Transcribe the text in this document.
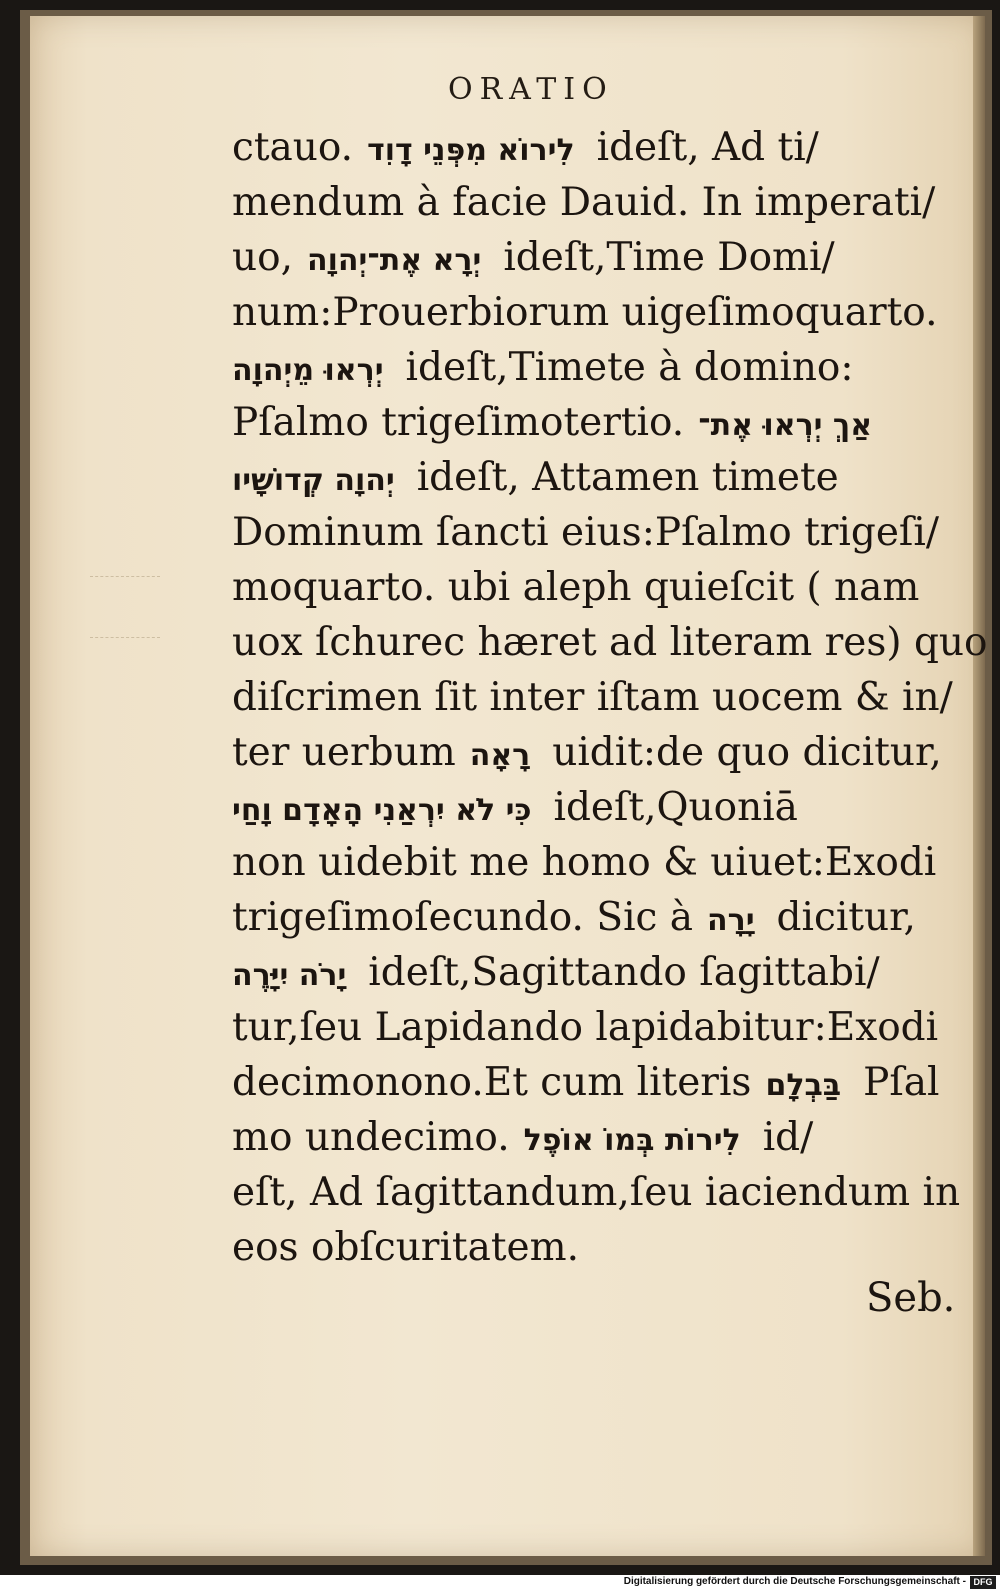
ORATIO
ctauo. לִירוֹא מִפְּנֵי דָוִד ideſt, Ad ti/
mendum à facie Dauid. In imperati/
uo, יְרָא אֶת־יְהוָה ideſt,Time Domi/
num:Prouerbiorum uigeſimoquarto.
יְרְאוּ מֵיְהוָה ideſt,Timete à domino:
Pſalmo trigeſimotertio. אַךְ יְרְאוּ אֶת־
יְהוָה קְדוֹשָׁיו ideſt, Attamen timete
Dominum ſancti eius:Pſalmo trigeſi/
moquarto. ubi aleph quieſcit ( nam
uox ſchurec hæret ad literam res) quo
diſcrimen ſit inter iſtam uocem & in/
ter uerbum רָאָה uidit:de quo dicitur,
כִּי לֹא יִרְאַנִי הָאָדָם וָחַי ideſt,Quoniā
non uidebit me homo & uiuet:Exodi
trigeſimoſecundo. Sic à יָרָה dicitur,
יָרֹה יִיָּרֶה ideſt,Sagittando ſagittabi/
tur,ſeu Lapidando lapidabitur:Exodi
decimonono.Et cum literis בַּבְלָם Pſal
mo undecimo. לִירוֹת בְּמוֹ אוֹפֶל id/
eſt, Ad ſagittandum,ſeu iaciendum in
eos obſcuritatem.
Seb.
Digitalisierung gefördert durch die Deutsche Forschungsgemeinschaft - DFG
